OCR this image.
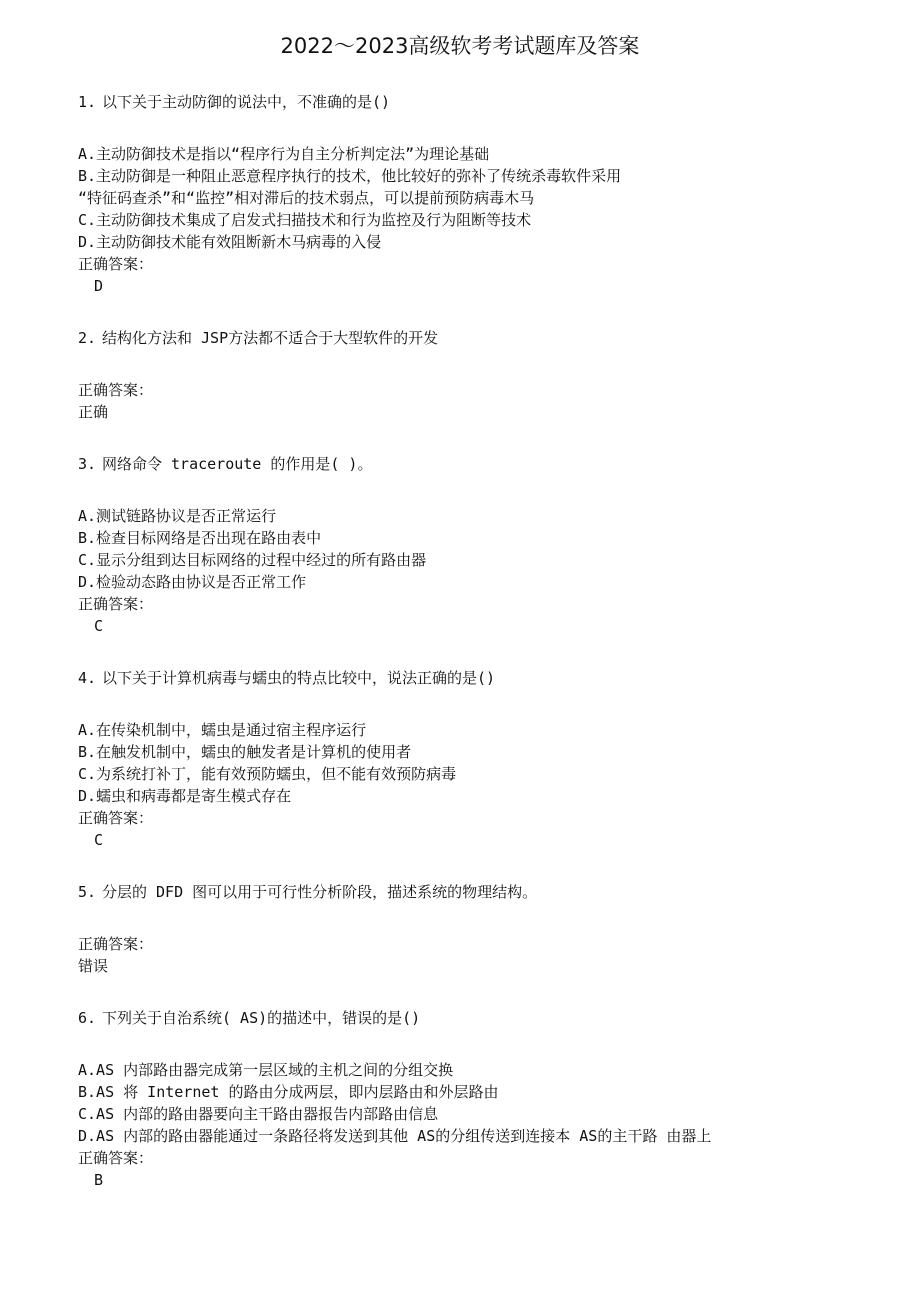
2022～2023高级软考考试题库及答案
1. 以下关于主动防御的说法中，不准确的是()
A.主动防御技术是指以“程序行为自主分析判定法”为理论基础
B.主动防御是一种阻止恶意程序执行的技术，他比较好的弥补了传统杀毒软件采用
“特征码查杀”和“监控”相对滞后的技术弱点，可以提前预防病毒木马
C.主动防御技术集成了启发式扫描技术和行为监控及行为阻断等技术
D.主动防御技术能有效阻断新木马病毒的入侵
正确答案：
D
2. 结构化方法和 JSP方法都不适合于大型软件的开发
正确答案：
正确
3. 网络命令 traceroute 的作用是( )。
A.测试链路协议是否正常运行
B.检查目标网络是否出现在路由表中
C.显示分组到达目标网络的过程中经过的所有路由器
D.检验动态路由协议是否正常工作
正确答案：
C
4. 以下关于计算机病毒与蠕虫的特点比较中，说法正确的是()
A.在传染机制中，蠕虫是通过宿主程序运行
B.在触发机制中，蠕虫的触发者是计算机的使用者
C.为系统打补丁，能有效预防蠕虫，但不能有效预防病毒
D.蠕虫和病毒都是寄生模式存在
正确答案：
C
5. 分层的 DFD 图可以用于可行性分析阶段，描述系统的物理结构。
正确答案：
错误
6. 下列关于自治系统( AS)的描述中，错误的是()
A.AS 内部路由器完成第一层区域的主机之间的分组交换
B.AS 将 Internet 的路由分成两层，即内层路由和外层路由
C.AS 内部的路由器要向主干路由器报告内部路由信息
D.AS 内部的路由器能通过一条路径将发送到其他 AS的分组传送到连接本 AS的主干路 由器上
正确答案：
B
